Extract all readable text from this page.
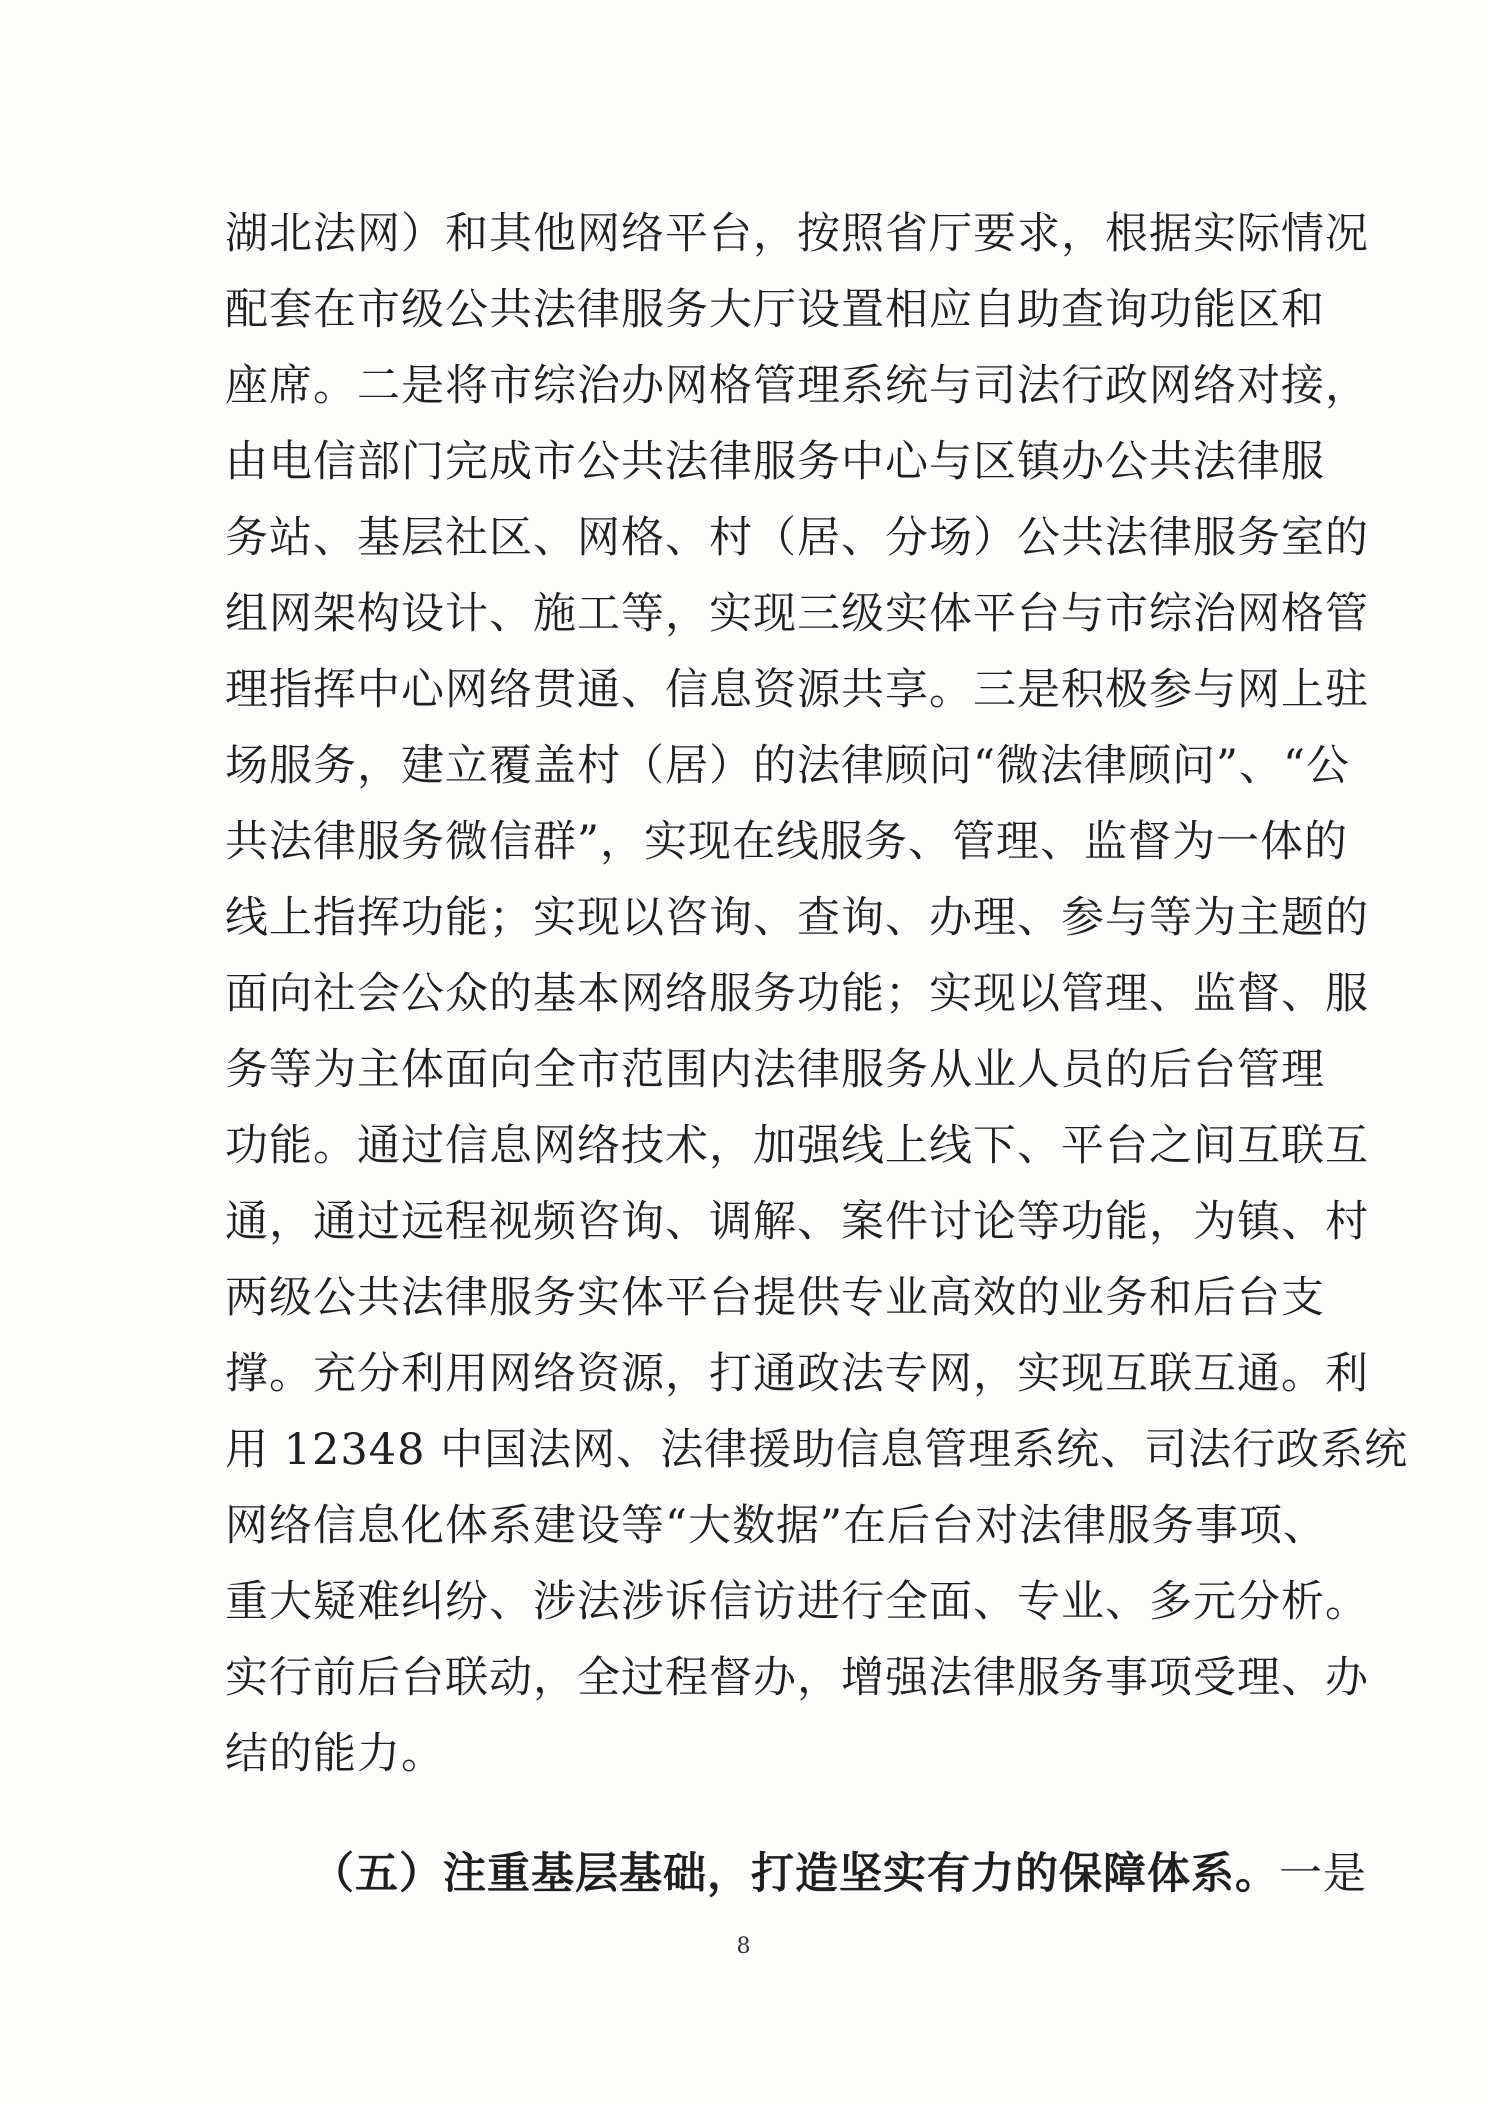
湖北法网）和其他网络平台，按照省厅要求，根据实际情况
配套在市级公共法律服务大厅设置相应自助查询功能区和
座席。二是将市综治办网格管理系统与司法行政网络对接，
由电信部门完成市公共法律服务中心与区镇办公共法律服
务站、基层社区、网格、村（居、分场）公共法律服务室的
组网架构设计、施工等，实现三级实体平台与市综治网格管
理指挥中心网络贯通、信息资源共享。三是积极参与网上驻
场服务，建立覆盖村（居）的法律顾问“微法律顾问”、“公
共法律服务微信群”，实现在线服务、管理、监督为一体的
线上指挥功能；实现以咨询、查询、办理、参与等为主题的
面向社会公众的基本网络服务功能；实现以管理、监督、服
务等为主体面向全市范围内法律服务从业人员的后台管理
功能。通过信息网络技术，加强线上线下、平台之间互联互
通，通过远程视频咨询、调解、案件讨论等功能，为镇、村
两级公共法律服务实体平台提供专业高效的业务和后台支
撑。充分利用网络资源，打通政法专网，实现互联互通。利
用 12348 中国法网、法律援助信息管理系统、司法行政系统
网络信息化体系建设等“大数据”在后台对法律服务事项、
重大疑难纠纷、涉法涉诉信访进行全面、专业、多元分析。
实行前后台联动，全过程督办，增强法律服务事项受理、办
结的能力。
（五）注重基层基础，打造坚实有力的保障体系。一是
8
